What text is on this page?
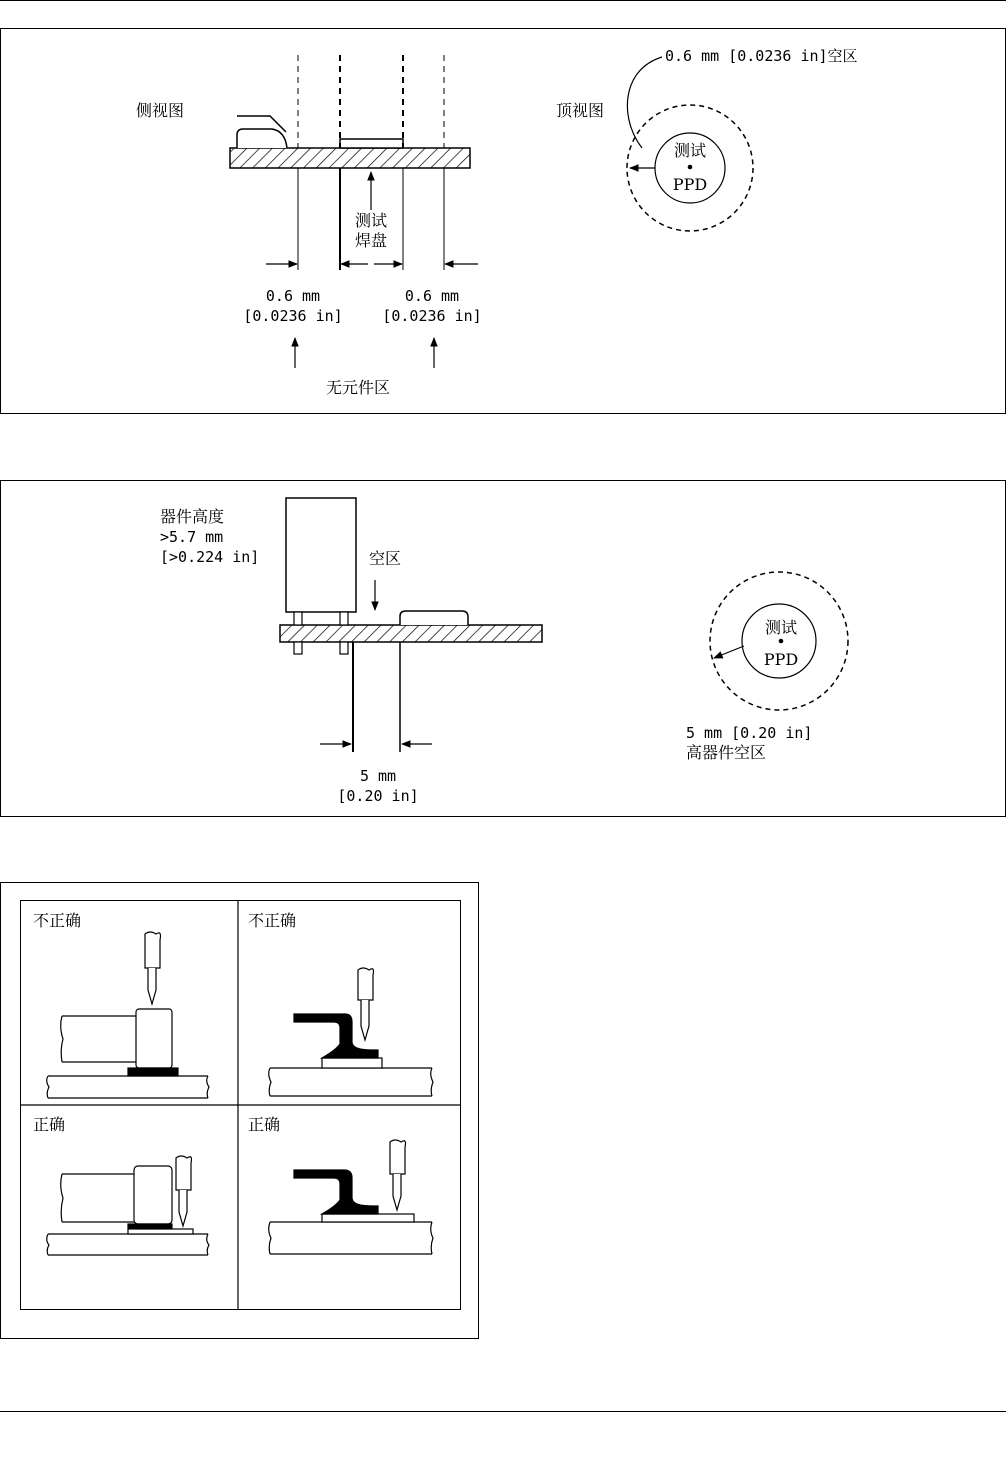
侧视图	顶视图
测试
焊盘
0.6 mm
[0.0236 in]
0.6 mm
[0.0236 in]
无元件区
0.6 mm [0.0236 in]空区
测试
PPD
器件高度
>5.7 mm
[>0.224 in]	空区
5 mm
[0.20 in]
测试
PPD
5 mm [0.20 in]
高器件空区
不正确	不正确
正确	正确
